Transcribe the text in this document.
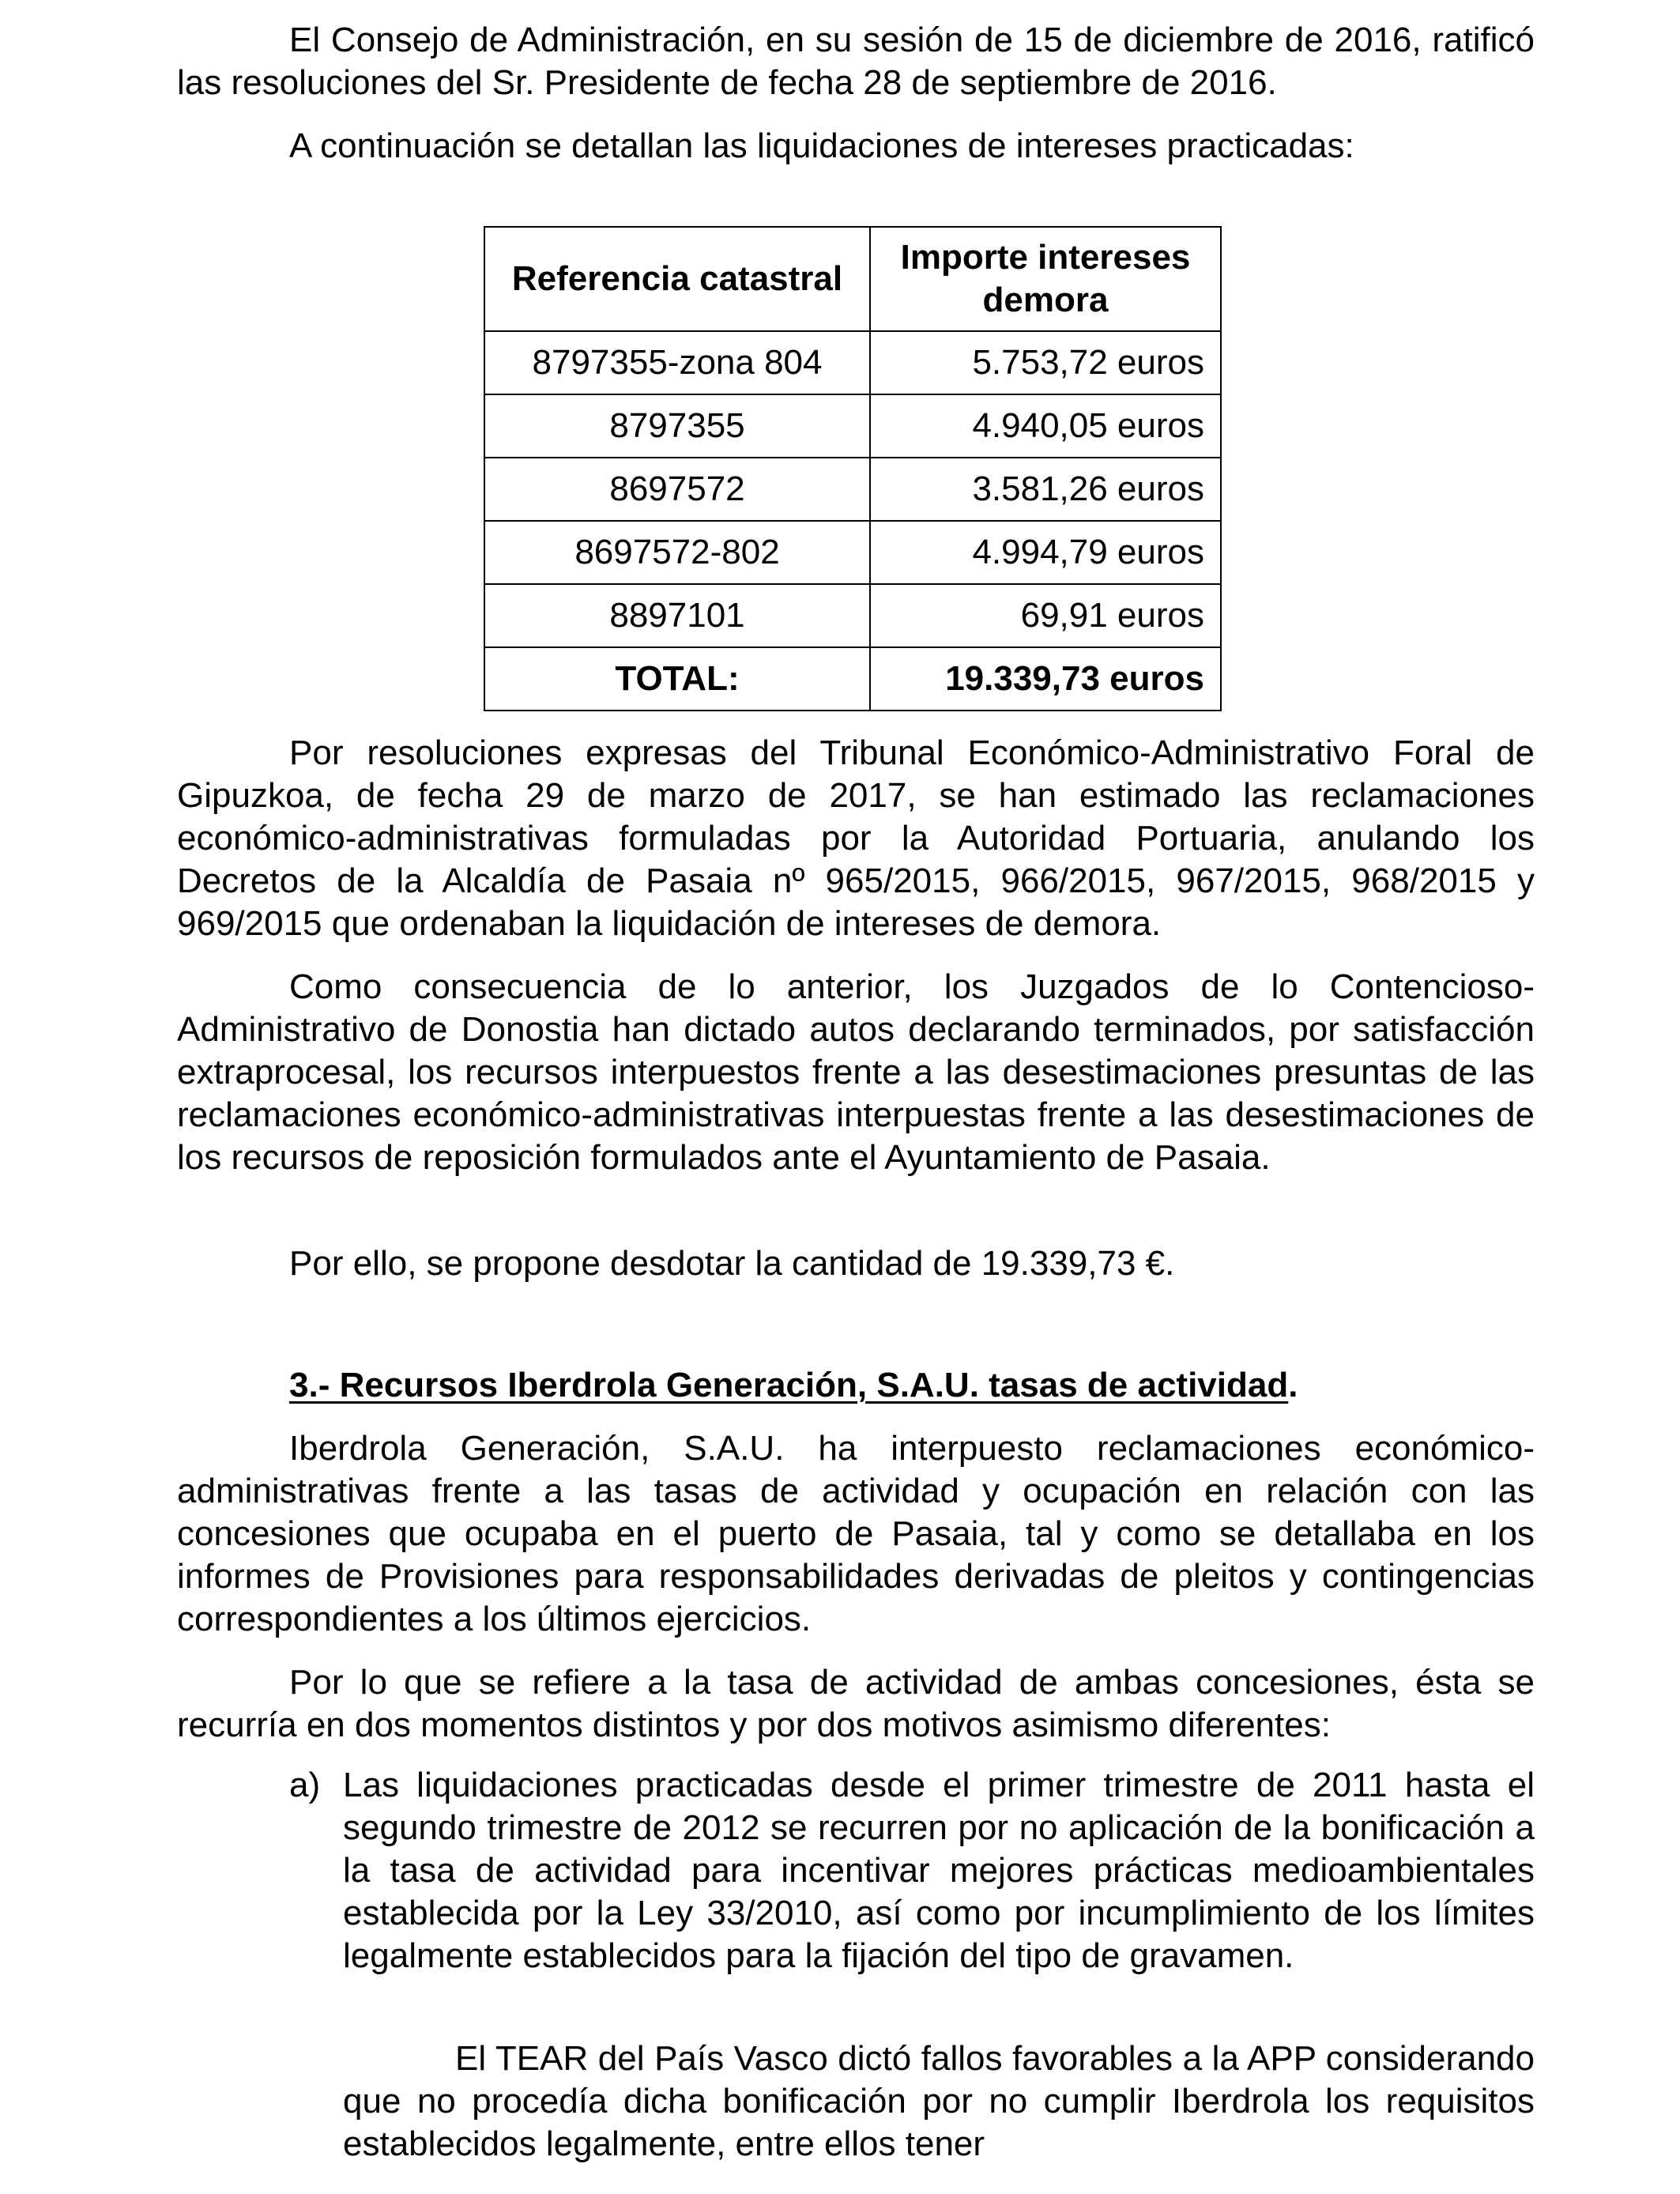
El Consejo de Administración, en su sesión de 15 de diciembre de 2016, ratificó las resoluciones del Sr. Presidente de fecha 28 de septiembre de 2016.

A continuación se detallan las liquidaciones de intereses practicadas:

Referencia catastral	Importe intereses demora
8797355-zona 804	5.753,72 euros
8797355	4.940,05 euros
8697572	3.581,26 euros
8697572-802	4.994,79 euros
8897101	69,91 euros
TOTAL:	19.339,73 euros

Por resoluciones expresas del Tribunal Económico-Administrativo Foral de Gipuzkoa, de fecha 29 de marzo de 2017, se han estimado las reclamaciones económico-administrativas formuladas por la Autoridad Portuaria, anulando los Decretos de la Alcaldía de Pasaia nº 965/2015, 966/2015, 967/2015, 968/2015 y 969/2015 que ordenaban la liquidación de intereses de demora.

Como consecuencia de lo anterior, los Juzgados de lo Contencioso-Administrativo de Donostia han dictado autos declarando terminados, por satisfacción extraprocesal, los recursos interpuestos frente a las desestimaciones presuntas de las reclamaciones económico-administrativas interpuestas frente a las desestimaciones de los recursos de reposición formulados ante el Ayuntamiento de Pasaia.

Por ello, se propone desdotar la cantidad de 19.339,73 €.

3.- Recursos Iberdrola Generación, S.A.U. tasas de actividad.

Iberdrola Generación, S.A.U. ha interpuesto reclamaciones económico-administrativas frente a las tasas de actividad y ocupación en relación con las concesiones que ocupaba en el puerto de Pasaia, tal y como se detallaba en los informes de Provisiones para responsabilidades derivadas de pleitos y contingencias correspondientes a los últimos ejercicios.

Por lo que se refiere a la tasa de actividad de ambas concesiones, ésta se recurría en dos momentos distintos y por dos motivos asimismo diferentes:

a) Las liquidaciones practicadas desde el primer trimestre de 2011 hasta el segundo trimestre de 2012 se recurren por no aplicación de la bonificación a la tasa de actividad para incentivar mejores prácticas medioambientales establecida por la Ley 33/2010, así como por incumplimiento de los límites legalmente establecidos para la fijación del tipo de gravamen.

El TEAR del País Vasco dictó fallos favorables a la APP considerando que no procedía dicha bonificación por no cumplir Iberdrola los requisitos establecidos legalmente, entre ellos tener
